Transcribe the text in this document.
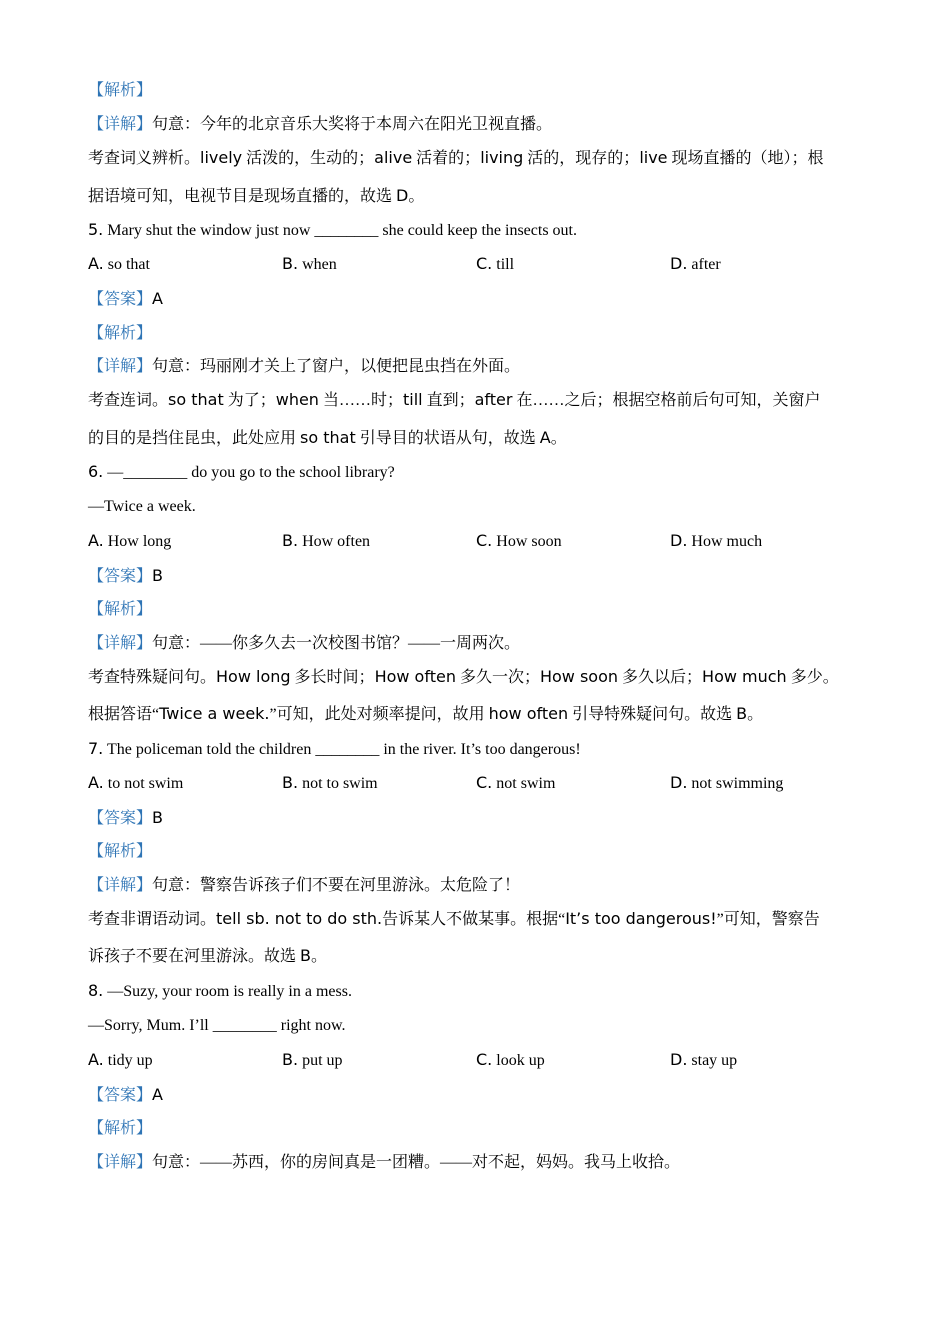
【解析】
【详解】句意：今年的北京音乐大奖将于本周六在阳光卫视直播。
考查词义辨析。lively 活泼的，生动的；alive 活着的；living 活的，现存的；live 现场直播的（地）；根
据语境可知，电视节目是现场直播的，故选 D。
5. Mary shut the window just now ________ she could keep the insects out.
A. so that	B. when	C. till	D. after
【答案】A
【解析】
【详解】句意：玛丽刚才关上了窗户，以便把昆虫挡在外面。
考查连词。so that 为了；when 当……时；till 直到；after 在……之后；根据空格前后句可知，关窗户
的目的是挡住昆虫，此处应用 so that 引导目的状语从句，故选 A。
6. —________ do you go to the school library?
—Twice a week.
A. How long	B. How often	C. How soon	D. How much
【答案】B
【解析】
【详解】句意：——你多久去一次校图书馆？——一周两次。
考查特殊疑问句。How long 多长时间；How often 多久一次；How soon 多久以后；How much 多少。
根据答语“Twice a week.”可知，此处对频率提问，故用 how often 引导特殊疑问句。故选 B。
7. The policeman told the children ________ in the river. It’s too dangerous!
A. to not swim	B. not to swim	C. not swim	D. not swimming
【答案】B
【解析】
【详解】句意：警察告诉孩子们不要在河里游泳。太危险了！
考查非谓语动词。tell sb. not to do sth.告诉某人不做某事。根据“It’s too dangerous!”可知，警察告
诉孩子不要在河里游泳。故选 B。
8. —Suzy, your room is really in a mess.
—Sorry, Mum. I’ll ________ right now.
A. tidy up	B. put up	C. look up	D. stay up
【答案】A
【解析】
【详解】句意：——苏西，你的房间真是一团糟。——对不起，妈妈。我马上收拾。
